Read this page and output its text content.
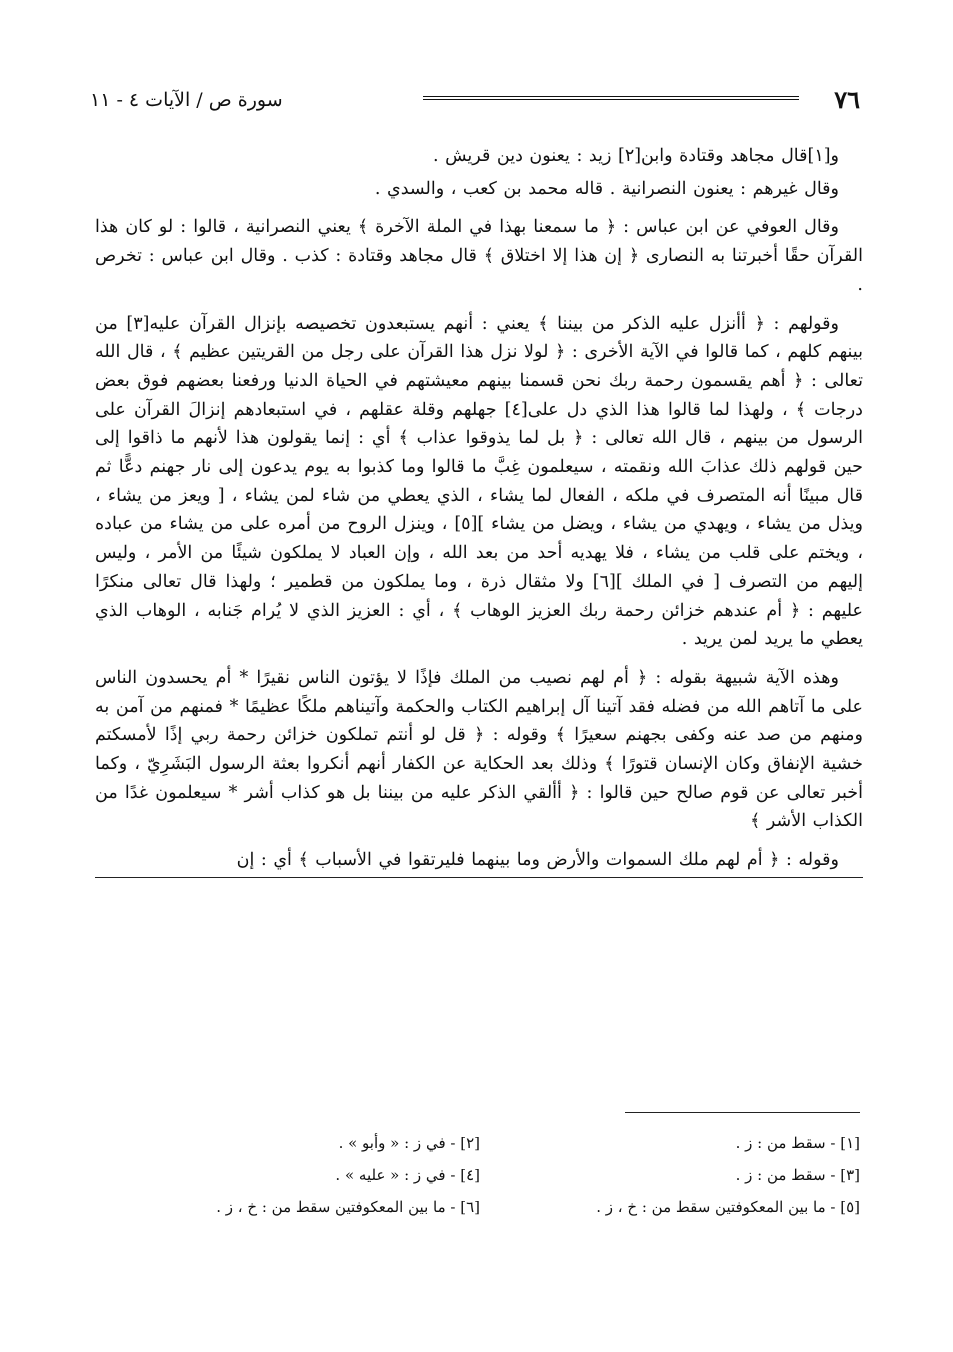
٧٦
سورة ص / الآيات ٤ - ١١

و[١]قال مجاهد وقتادة وابن[٢] زيد : يعنون دين قريش .

وقال غيرهم : يعنون النصرانية . قاله محمد بن كعب ، والسدي .

وقال العوفي عن ابن عباس : ﴿ ما سمعنا بهذا في الملة الآخرة ﴾ يعني النصرانية ، قالوا : لو كان هذا القرآن حقًا أخبرتنا به النصارى ﴿ إن هذا إلا اختلاق ﴾ قال مجاهد وقتادة : كذب . وقال ابن عباس : تخرص .

وقولهم : ﴿ أأنزل عليه الذكر من بيننا ﴾ يعني : أنهم يستبعدون تخصيصه بإنزال القرآن عليه[٣] من بينهم كلهم ، كما قالوا في الآية الأخرى : ﴿ لولا نزل هذا القرآن على رجل من القريتين عظيم ﴾ ، قال الله تعالى : ﴿ أهم يقسمون رحمة ربك نحن قسمنا بينهم معيشتهم في الحياة الدنيا ورفعنا بعضهم فوق بعض درجات ﴾ ، ولهذا لما قالوا هذا الذي دل على[٤] جهلهم وقلة عقلهم ، في استبعادهم إنزالَ القرآن على الرسول من بينهم ، قال الله تعالى : ﴿ بل لما يذوقوا عذاب ﴾ أي : إنما يقولون هذا لأنهم ما ذاقوا إلى حين قولهم ذلك عذابَ الله ونقمته ، سيعلمون غِبَّ ما قالوا وما كذبوا به يوم يدعون إلى نار جهنم دعًّا ثم قال مبينًا أنه المتصرف في ملكه ، الفعال لما يشاء ، الذي يعطي من شاء لمن يشاء ، [ ويعز من يشاء ، ويذل من يشاء ، ويهدي من يشاء ، ويضل من يشاء ][٥] ، وينزل الروح من أمره على من يشاء من عباده ، ويختم على قلب من يشاء ، فلا يهديه أحد من بعد الله ، وإن العباد لا يملكون شيئًا من الأمر ، وليس إليهم من التصرف [ في الملك ][٦] ولا مثقال ذرة ، وما يملكون من قطمير ؛ ولهذا قال تعالى منكرًا عليهم : ﴿ أم عندهم خزائن رحمة ربك العزيز الوهاب ﴾ ، أي : العزيز الذي لا يُرام جَنابه ، الوهاب الذي يعطي ما يريد لمن يريد .

وهذه الآية شبيهة بقوله : ﴿ أم لهم نصيب من الملك فإذًا لا يؤتون الناس نقيرًا * أم يحسدون الناس على ما آتاهم الله من فضله فقد آتينا آل إبراهيم الكتاب والحكمة وآتيناهم ملكًا عظيمًا * فمنهم من آمن به ومنهم من صد عنه وكفى بجهنم سعيرًا ﴾ وقوله : ﴿ قل لو أنتم تملكون خزائن رحمة ربي إذًا لأمسكتم خشية الإنفاق وكان الإنسان قتورًا ﴾ وذلك بعد الحكاية عن الكفار أنهم أنكروا بعثة الرسول البَشَرِيّ ، وكما أخبر تعالى عن قوم صالح حين قالوا : ﴿ أألقي الذكر عليه من بيننا بل هو كذاب أشر * سيعلمون غدًا من الكذاب الأشر ﴾

وقوله : ﴿ أم لهم ملك السموات والأرض وما بينهما فليرتقوا في الأسباب ﴾ أي : إن

[١] - سقط من : ز .
[٢] - في ز : « وأبو » .
[٣] - سقط من : ز .
[٤] - في ز : « عليه » .
[٥] - ما بين المعكوفتين سقط من : خ ، ز .
[٦] - ما بين المعكوفتين سقط من : خ ، ز .
